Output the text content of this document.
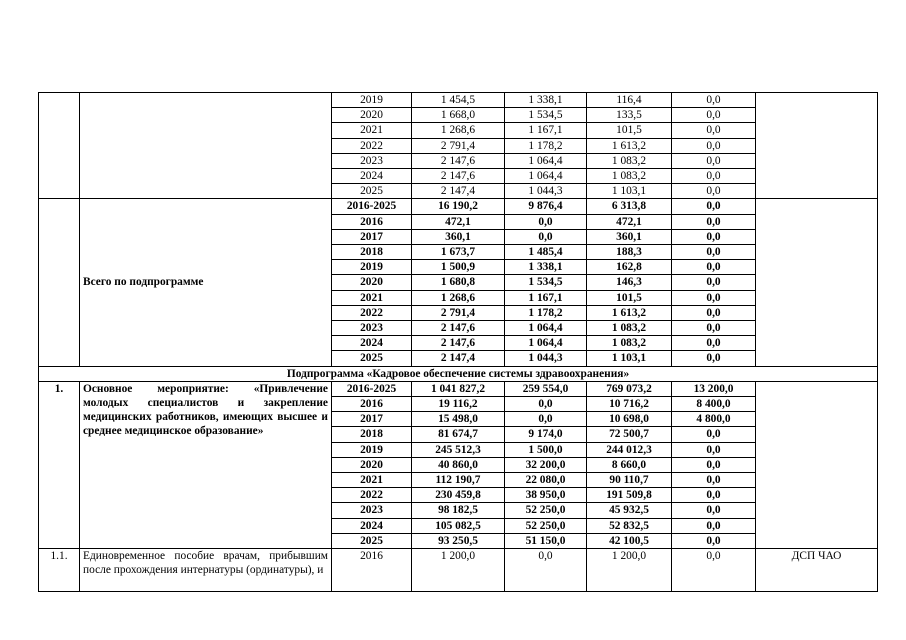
		2019	1 454,5	1 338,1	116,4	0,0	
		2020	1 668,0	1 534,5	133,5	0,0	
		2021	1 268,6	1 167,1	101,5	0,0	
		2022	2 791,4	1 178,2	1 613,2	0,0	
		2023	2 147,6	1 064,4	1 083,2	0,0	
		2024	2 147,6	1 064,4	1 083,2	0,0	
		2025	2 147,4	1 044,3	1 103,1	0,0	
	Всего по подпрограмме	2016-2025	16 190,2	9 876,4	6 313,8	0,0	
		2016	472,1	0,0	472,1	0,0	
		2017	360,1	0,0	360,1	0,0	
		2018	1 673,7	1 485,4	188,3	0,0	
		2019	1 500,9	1 338,1	162,8	0,0	
		2020	1 680,8	1 534,5	146,3	0,0	
		2021	1 268,6	1 167,1	101,5	0,0	
		2022	2 791,4	1 178,2	1 613,2	0,0	
		2023	2 147,6	1 064,4	1 083,2	0,0	
		2024	2 147,6	1 064,4	1 083,2	0,0	
		2025	2 147,4	1 044,3	1 103,1	0,0	
Подпрограмма «Кадровое обеспечение системы здравоохранения»							
1.	Основное мероприятие: «Привлечение молодых специалистов и закрепление медицинских работников, имеющих высшее и среднее медицинское образование»	2016-2025	1 041 827,2	259 554,0	769 073,2	13 200,0	
		2016	19 116,2	0,0	10 716,2	8 400,0	
		2017	15 498,0	0,0	10 698,0	4 800,0	
		2018	81 674,7	9 174,0	72 500,7	0,0	
		2019	245 512,3	1 500,0	244 012,3	0,0	
		2020	40 860,0	32 200,0	8 660,0	0,0	
		2021	112 190,7	22 080,0	90 110,7	0,0	
		2022	230 459,8	38 950,0	191 509,8	0,0	
		2023	98 182,5	52 250,0	45 932,5	0,0	
		2024	105 082,5	52 250,0	52 832,5	0,0	
		2025	93 250,5	51 150,0	42 100,5	0,0	
1.1.	Единовременное пособие врачам, прибывшим после прохождения интернатуры (ординатуры), и	2016	1 200,0	0,0	1 200,0	0,0	ДСП ЧАО
